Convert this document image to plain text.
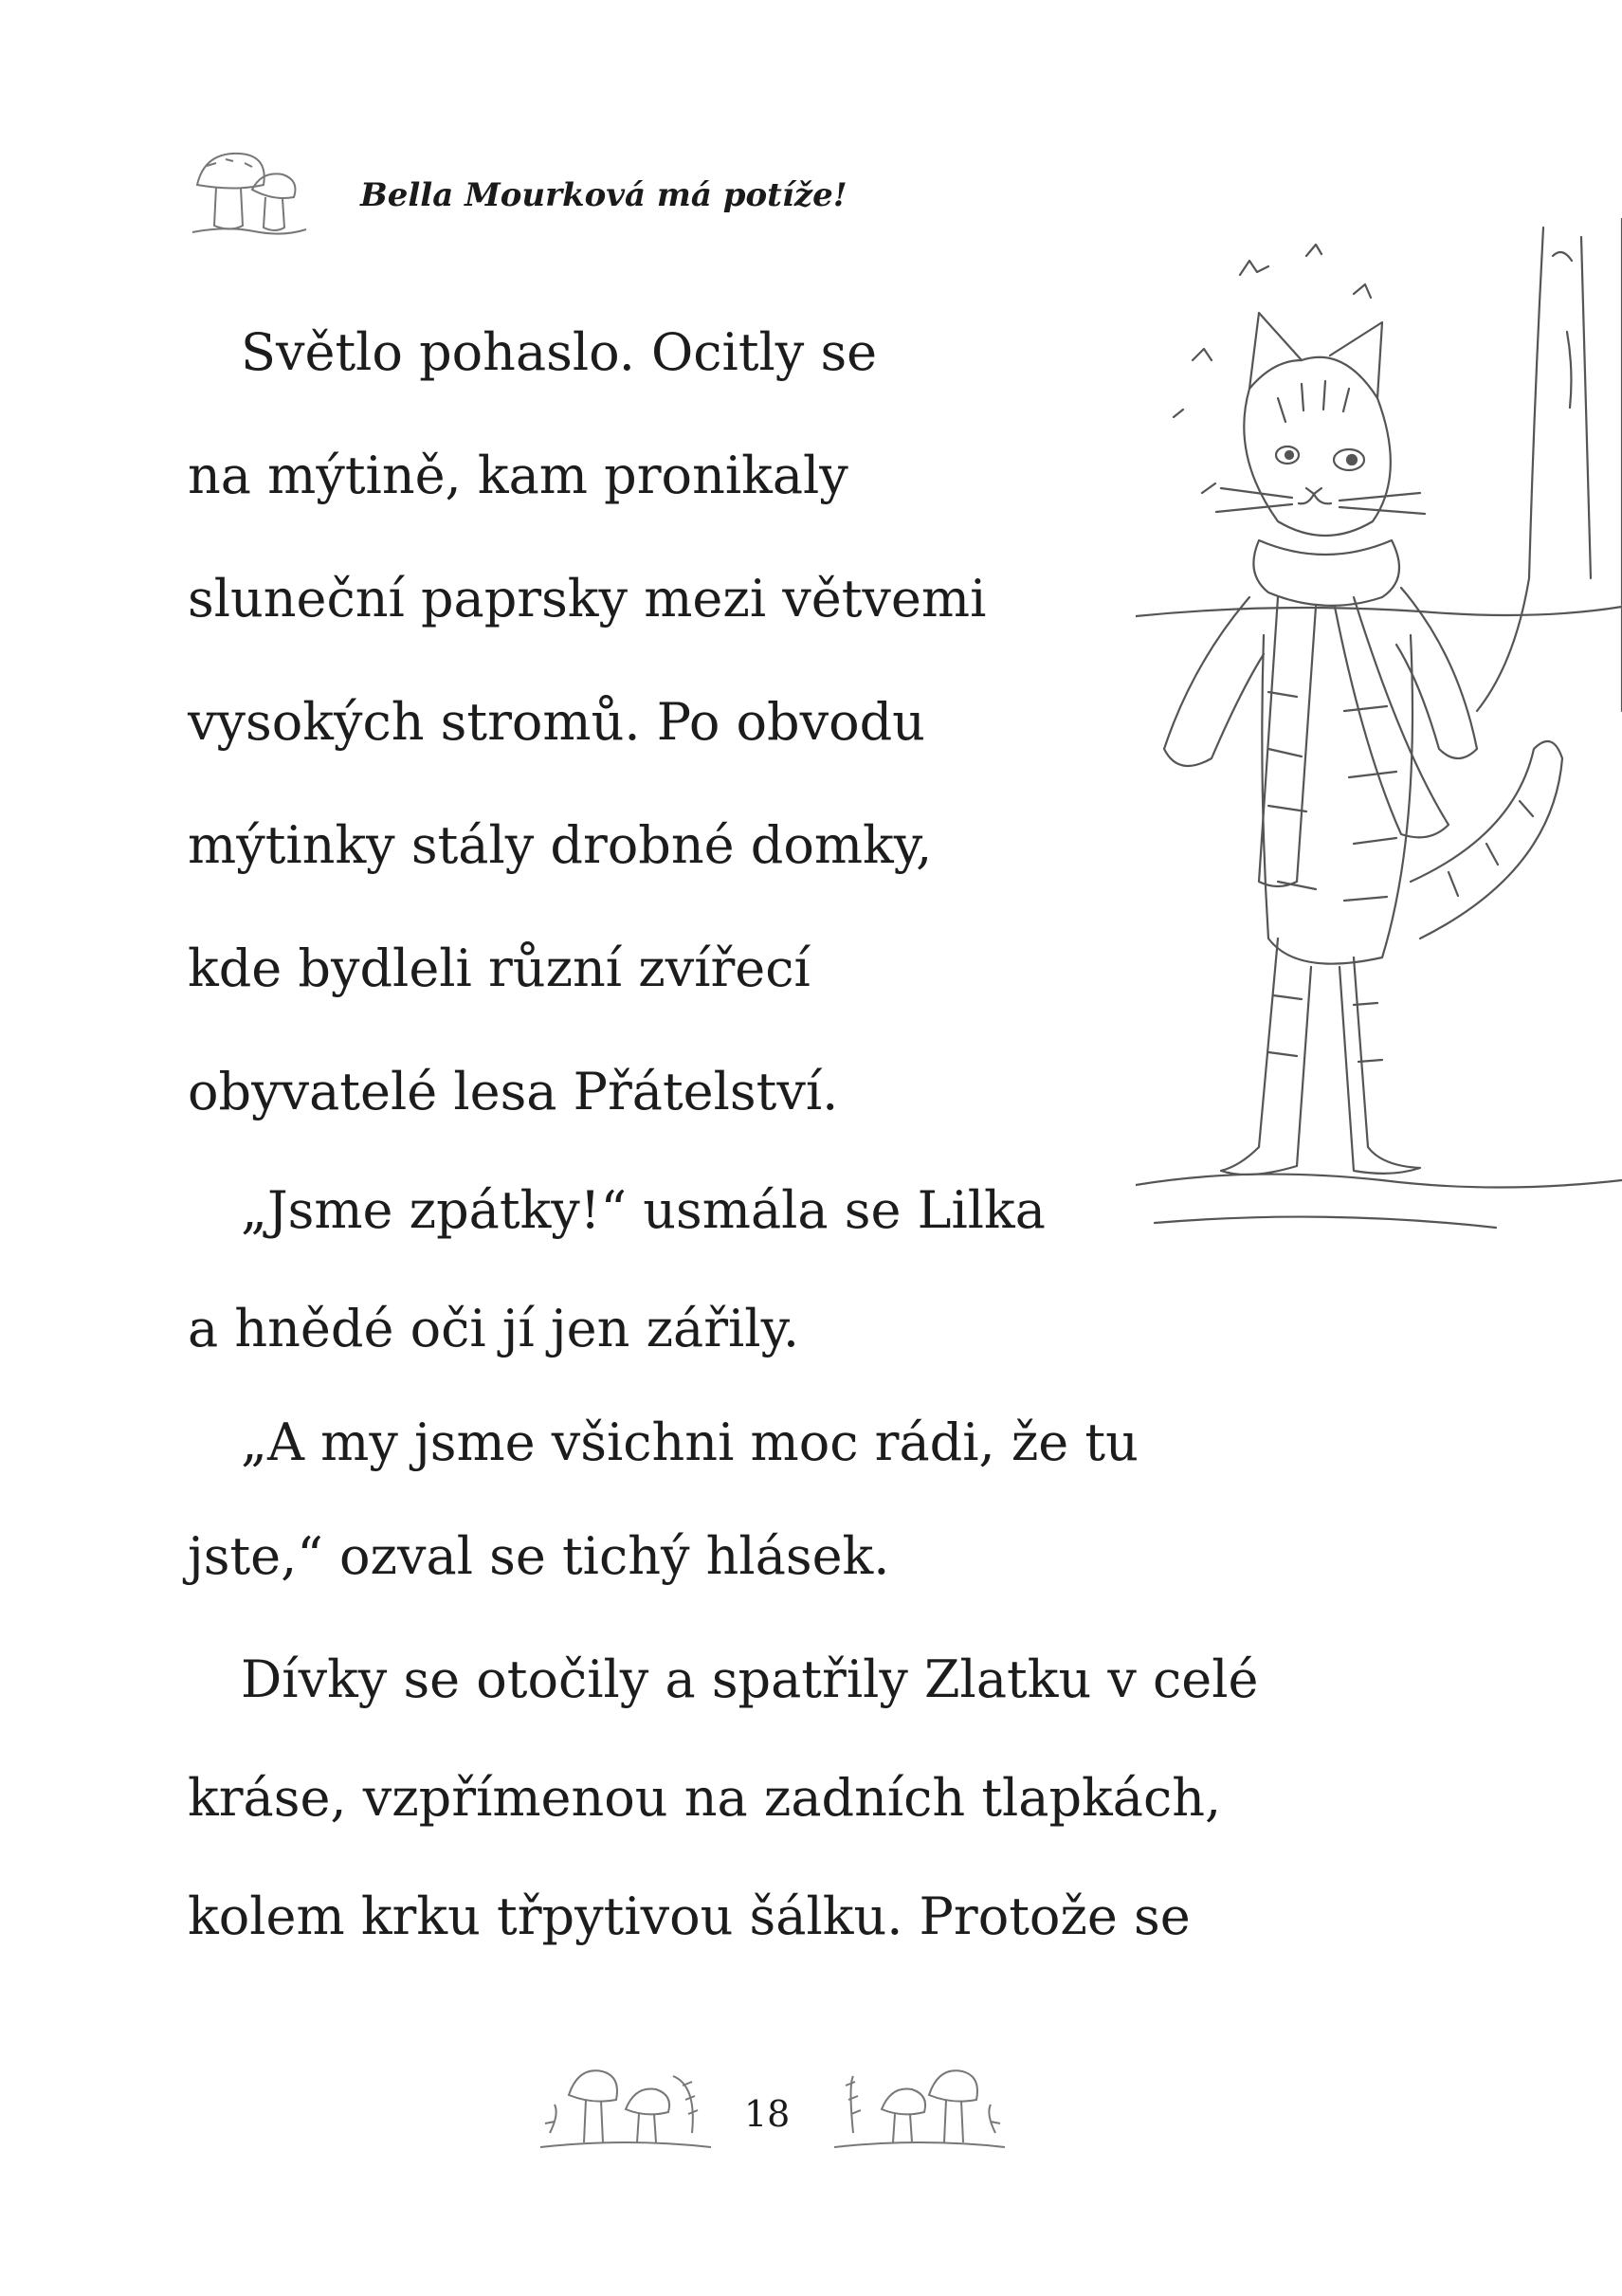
Bella Mourková má potíže!
Světlo pohaslo. Ocitly se
na mýtině, kam pronikaly
sluneční paprsky mezi větvemi
vysokých stromů. Po obvodu
mýtinky stály drobné domky,
kde bydleli různí zvířecí
obyvatelé lesa Přátelství.
„Jsme zpátky!“ usmála se Lilka
a hnědé oči jí jen zářily.
„A my jsme všichni moc rádi, že tu
jste,“ ozval se tichý hlásek.
Dívky se otočily a spatřily Zlatku v celé
kráse, vzpřímenou na zadních tlapkách,
kolem krku třpytivou šálku. Protože se
18
